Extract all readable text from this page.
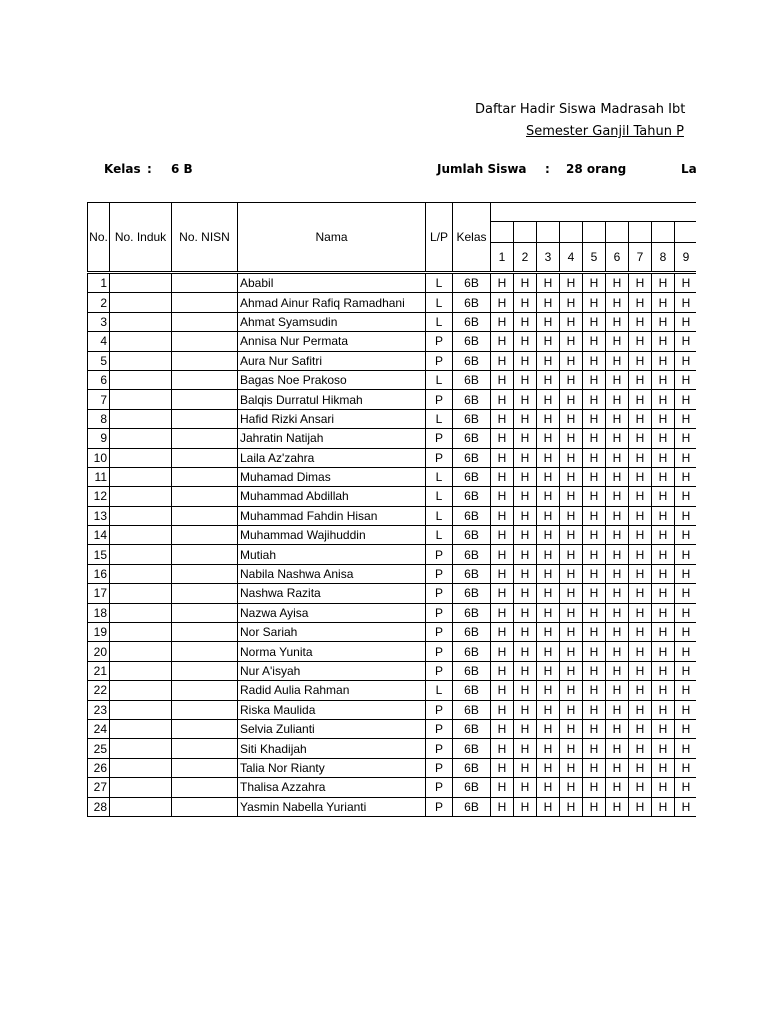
Daftar Hadir Siswa Madrasah Ibt
Semester Ganjil Tahun P
Kelas : 6 B	Jumlah Siswa : 28 orang	La
No.	No. Induk	No. NISN	Nama	L/P	Kelas									

						1	2	3	4	5	6	7	8	9
1			Ababil	L	6B	H	H	H	H	H	H	H	H	H
2			Ahmad Ainur Rafiq Ramadhani	L	6B	H	H	H	H	H	H	H	H	H
3			Ahmat Syamsudin	L	6B	H	H	H	H	H	H	H	H	H
4			Annisa Nur Permata	P	6B	H	H	H	H	H	H	H	H	H
5			Aura Nur Safitri	P	6B	H	H	H	H	H	H	H	H	H
6			Bagas Noe Prakoso	L	6B	H	H	H	H	H	H	H	H	H
7			Balqis Durratul Hikmah	P	6B	H	H	H	H	H	H	H	H	H
8			Hafid Rizki Ansari	L	6B	H	H	H	H	H	H	H	H	H
9			Jahratin Natijah	P	6B	H	H	H	H	H	H	H	H	H
10			Laila Az'zahra	P	6B	H	H	H	H	H	H	H	H	H
11			Muhamad Dimas	L	6B	H	H	H	H	H	H	H	H	H
12			Muhammad Abdillah	L	6B	H	H	H	H	H	H	H	H	H
13			Muhammad Fahdin Hisan	L	6B	H	H	H	H	H	H	H	H	H
14			Muhammad Wajihuddin	L	6B	H	H	H	H	H	H	H	H	H
15			Mutiah	P	6B	H	H	H	H	H	H	H	H	H
16			Nabila Nashwa Anisa	P	6B	H	H	H	H	H	H	H	H	H
17			Nashwa Razita	P	6B	H	H	H	H	H	H	H	H	H
18			Nazwa Ayisa	P	6B	H	H	H	H	H	H	H	H	H
19			Nor Sariah	P	6B	H	H	H	H	H	H	H	H	H
20			Norma Yunita	P	6B	H	H	H	H	H	H	H	H	H
21			Nur A'isyah	P	6B	H	H	H	H	H	H	H	H	H
22			Radid Aulia Rahman	L	6B	H	H	H	H	H	H	H	H	H
23			Riska Maulida	P	6B	H	H	H	H	H	H	H	H	H
24			Selvia Zulianti	P	6B	H	H	H	H	H	H	H	H	H
25			Siti Khadijah	P	6B	H	H	H	H	H	H	H	H	H
26			Talia Nor Rianty	P	6B	H	H	H	H	H	H	H	H	H
27			Thalisa Azzahra	P	6B	H	H	H	H	H	H	H	H	H
28			Yasmin Nabella Yurianti	P	6B	H	H	H	H	H	H	H	H	H
